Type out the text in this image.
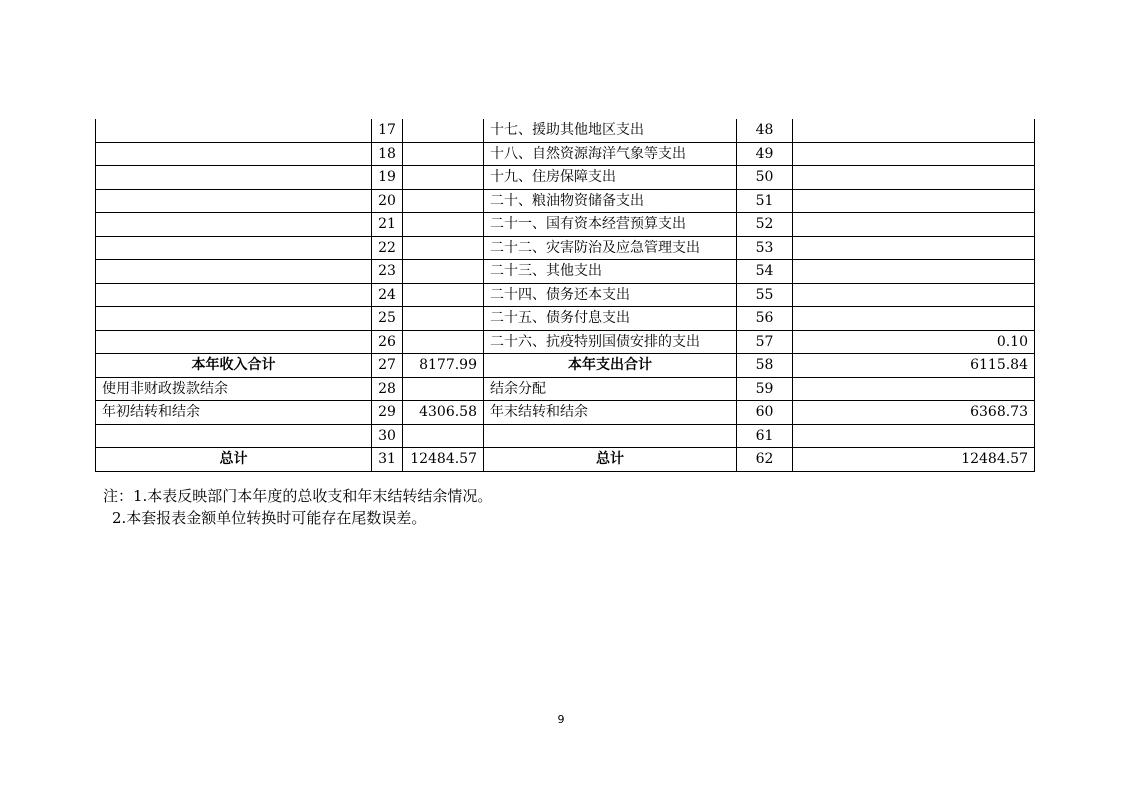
	17		十七、援助其他地区支出	48	
	18		十八、自然资源海洋气象等支出	49	
	19		十九、住房保障支出	50	
	20		二十、粮油物资储备支出	51	
	21		二十一、国有资本经营预算支出	52	
	22		二十二、灾害防治及应急管理支出	53	
	23		二十三、其他支出	54	
	24		二十四、债务还本支出	55	
	25		二十五、债务付息支出	56	
	26		二十六、抗疫特别国债安排的支出	57	0.10
本年收入合计	27	8177.99	本年支出合计	58	6115.84
使用非财政拨款结余	28		结余分配	59	
年初结转和结余	29	4306.58	年末结转和结余	60	6368.73
	30			61	
总计	31	12484.57	总计	62	12484.57
注：1.本表反映部门本年度的总收支和年末结转结余情况。
2.本套报表金额单位转换时可能存在尾数误差。
9
